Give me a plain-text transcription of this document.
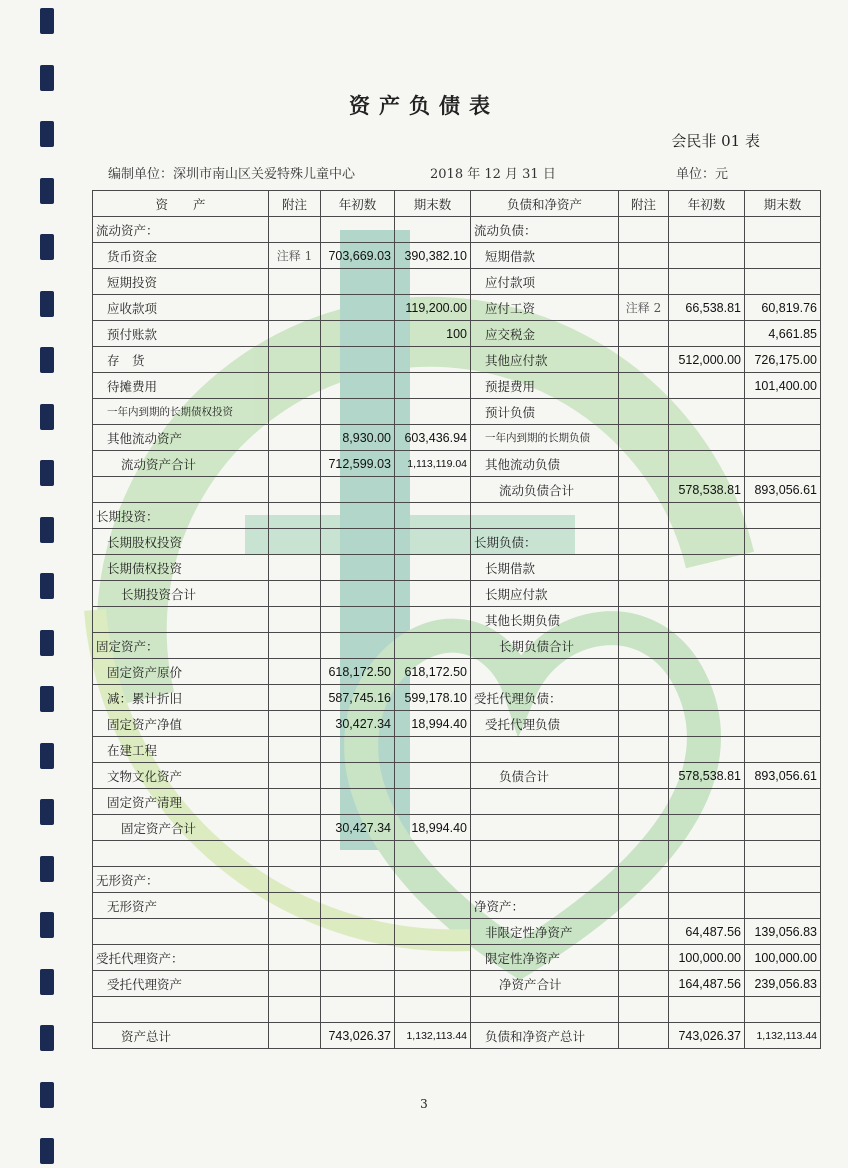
资产负债表
会民非 01 表
编制单位：深圳市南山区关爱特殊儿童中心	2018 年 12 月 31 日	单位：元
资　　产	附注	年初数	期末数	负债和净资产	附注	年初数	期末数
流动资产：				流动负债：			
货币资金	注释 1	703,669.03	390,382.10	短期借款			
短期投资				应付款项			
应收款项			119,200.00	应付工资	注释 2	66,538.81	60,819.76
预付账款			100	应交税金			4,661.85
存　货				其他应付款		512,000.00	726,175.00
待摊费用				预提费用			101,400.00
一年内到期的长期债权投资				预计负债			
其他流动资产		8,930.00	603,436.94	一年内到期的长期负债			
流动资产合计		712,599.03	1,113,119.04	其他流动负债			
				流动负债合计		578,538.81	893,056.61
长期投资：							
长期股权投资				长期负债：			
长期债权投资				长期借款			
长期投资合计				长期应付款			
				其他长期负债			
固定资产：				长期负债合计			
固定资产原价		618,172.50	618,172.50				
减：累计折旧		587,745.16	599,178.10	受托代理负债：			
固定资产净值		30,427.34	18,994.40	受托代理负债			
在建工程							
文物文化资产				负债合计		578,538.81	893,056.61
固定资产清理							
固定资产合计		30,427.34	18,994.40				

无形资产：							
无形资产				净资产：			
				非限定性净资产		64,487.56	139,056.83
受托代理资产：				限定性净资产		100,000.00	100,000.00
受托代理资产				净资产合计		164,487.56	239,056.83

资产总计		743,026.37	1,132,113.44	负债和净资产总计		743,026.37	1,132,113.44
3
